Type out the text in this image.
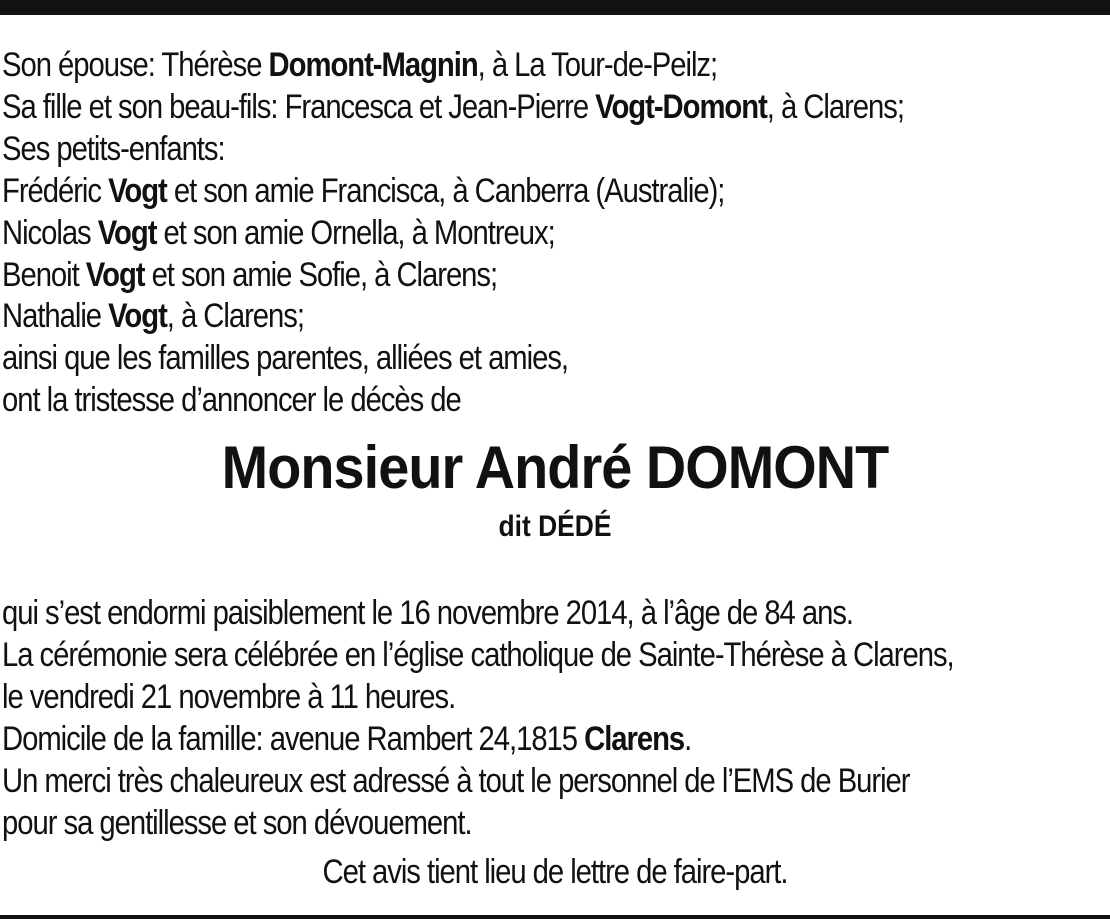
Son épouse: Thérèse Domont-Magnin, à La Tour-de-Peilz;
Sa fille et son beau-fils: Francesca et Jean-Pierre Vogt-Domont, à Clarens;
Ses petits-enfants:
Frédéric Vogt et son amie Francisca, à Canberra (Australie);
Nicolas Vogt et son amie Ornella, à Montreux;
Benoit Vogt et son amie Sofie, à Clarens;
Nathalie Vogt, à Clarens;
ainsi que les familles parentes, alliées et amies,
ont la tristesse d’annoncer le décès de
Monsieur André DOMONT
dit DÉDÉ
qui s’est endormi paisiblement le 16 novembre 2014, à l’âge de 84 ans.
La cérémonie sera célébrée en l’église catholique de Sainte-Thérèse à Clarens,
le vendredi 21 novembre à 11 heures.
Domicile de la famille: avenue Rambert 24,1815 Clarens.
Un merci très chaleureux est adressé à tout le personnel de l’EMS de Burier
pour sa gentillesse et son dévouement.
Cet avis tient lieu de lettre de faire-part.
